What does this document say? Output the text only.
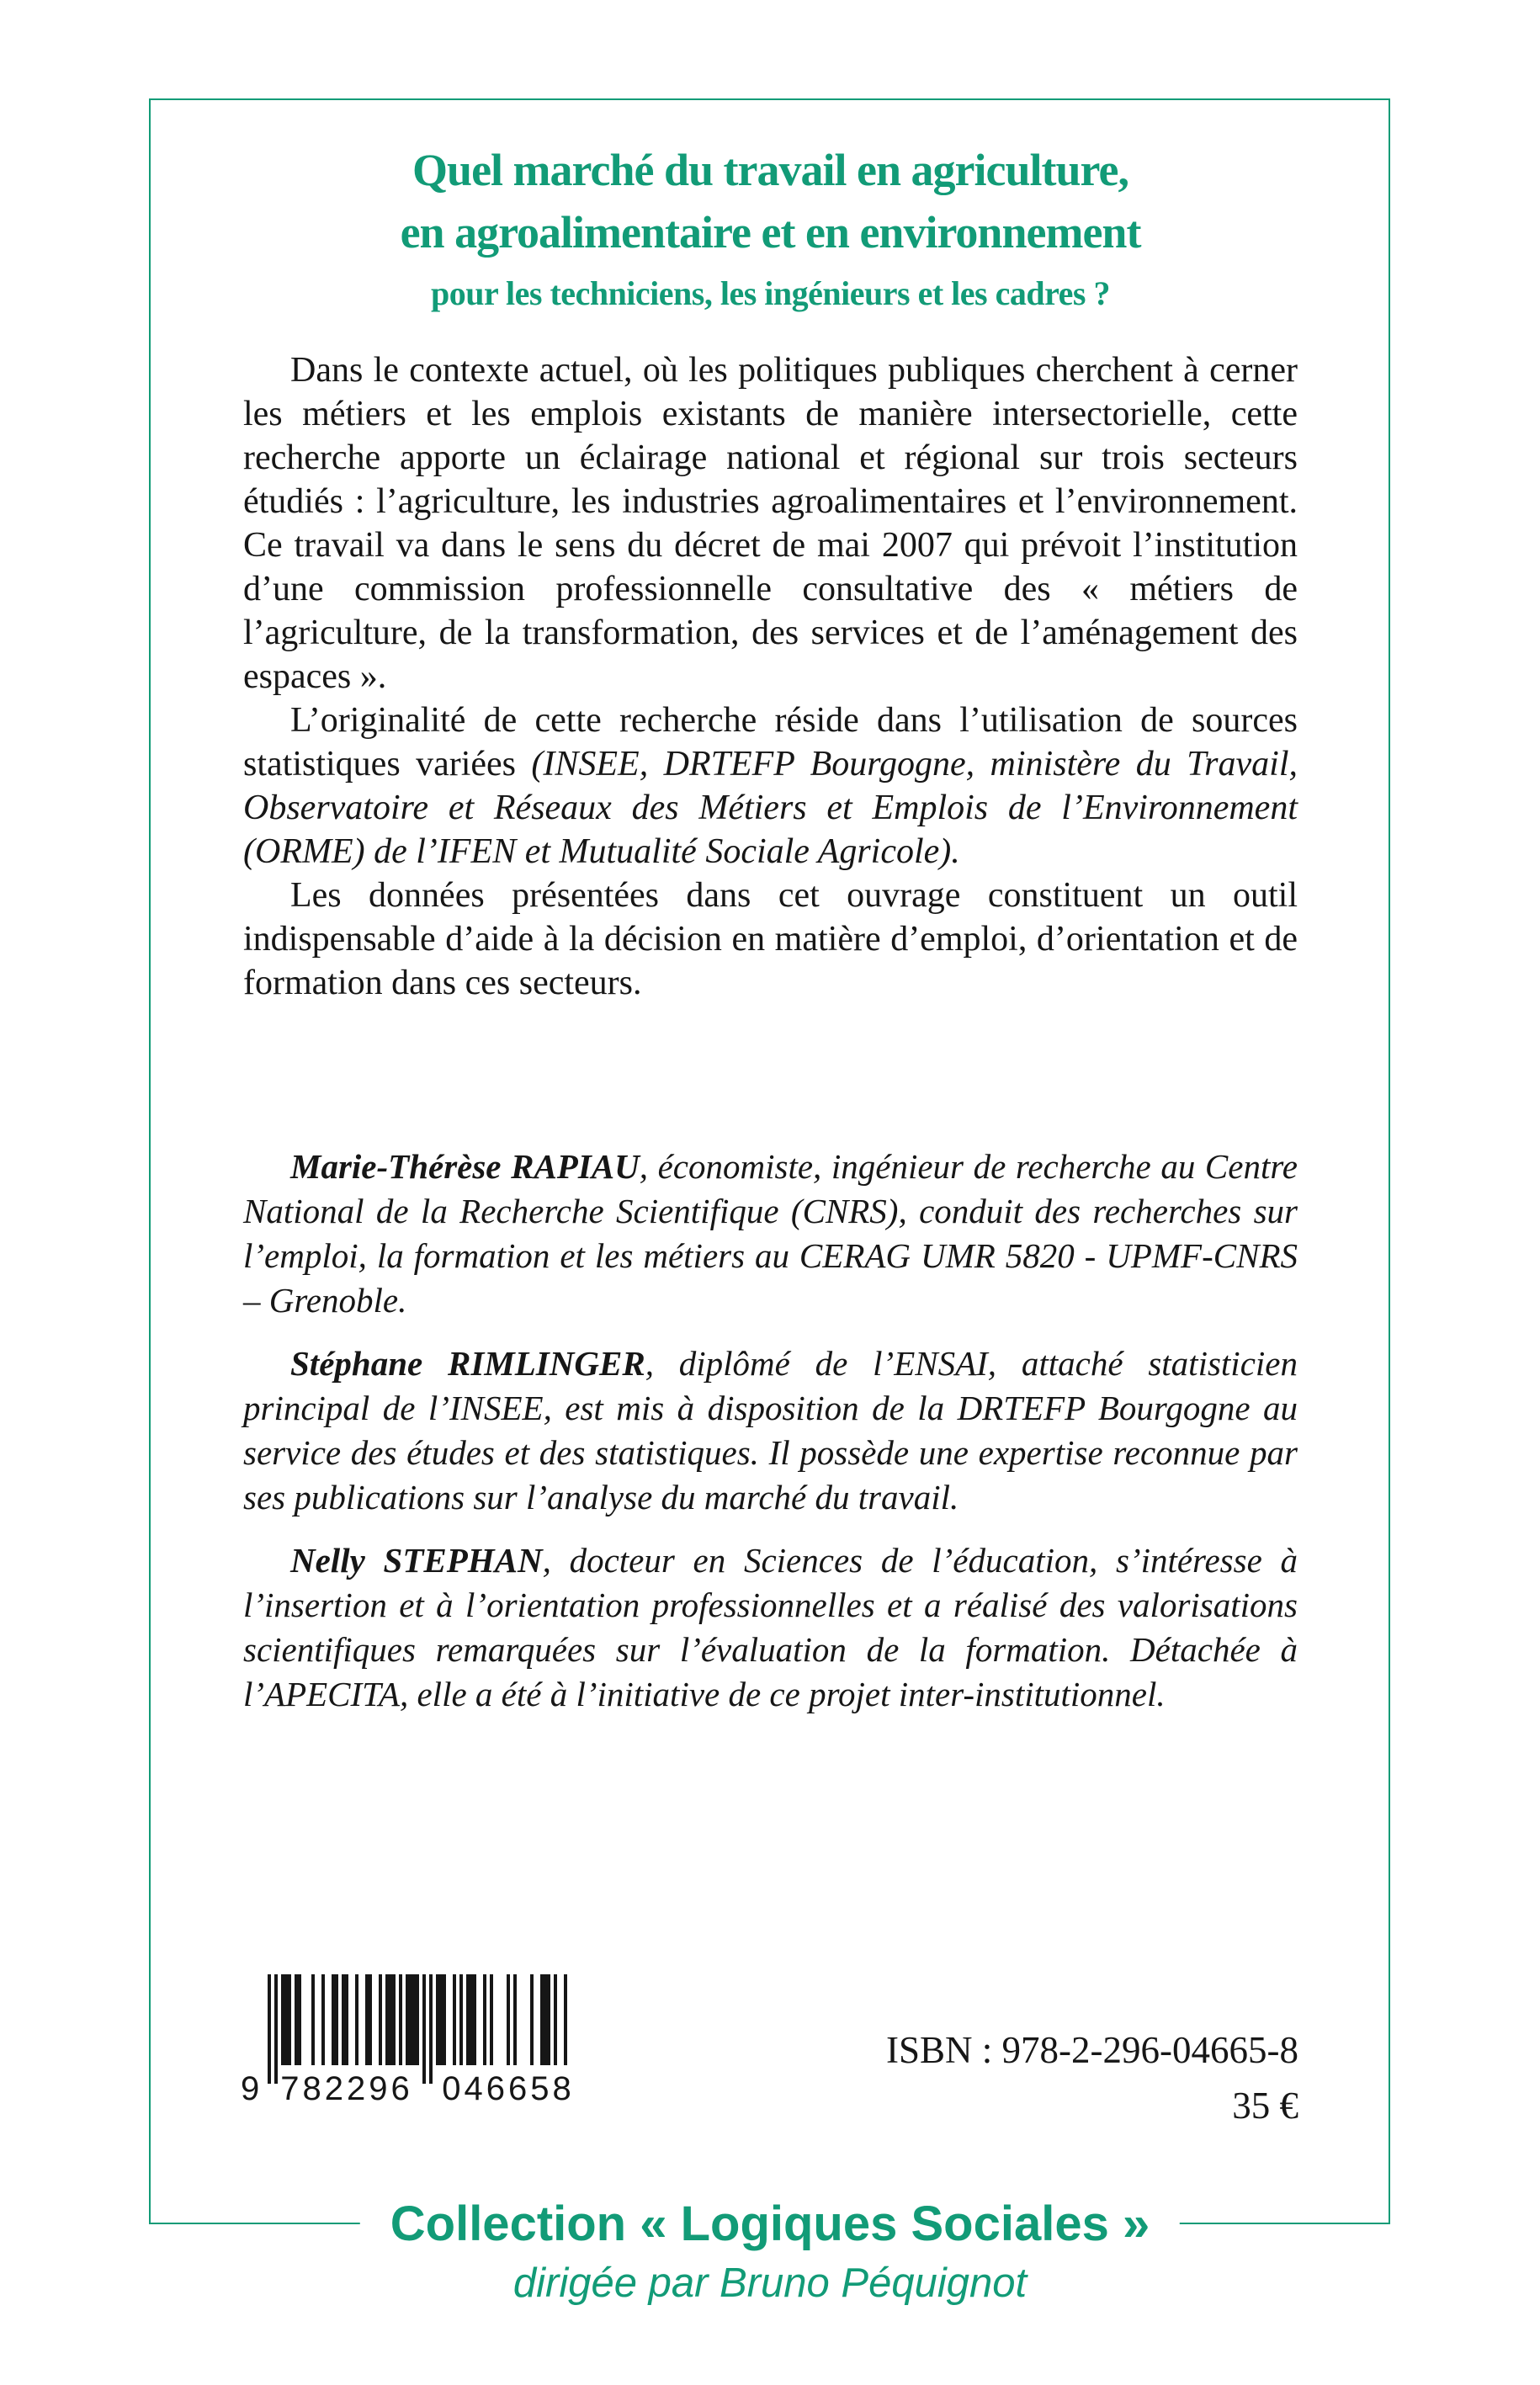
Quel marché du travail en agriculture,
en agroalimentaire et en environnement
pour les techniciens, les ingénieurs et les cadres ?

Dans le contexte actuel, où les politiques publiques cherchent à cerner les métiers et les emplois existants de manière intersectorielle, cette recherche apporte un éclairage national et régional sur trois secteurs étudiés : l’agriculture, les industries agroalimentaires et l’environnement. Ce travail va dans le sens du décret de mai 2007 qui prévoit l’institution d’une commission professionnelle consultative des « métiers de l’agriculture, de la transformation, des services et de l’aménagement des espaces ».

L’originalité de cette recherche réside dans l’utilisation de sources statistiques variées (INSEE, DRTEFP Bourgogne, ministère du Travail, Observatoire et Réseaux des Métiers et Emplois de l’Environnement (ORME) de l’IFEN et Mutualité Sociale Agricole).

Les données présentées dans cet ouvrage constituent un outil indispensable d’aide à la décision en matière d’emploi, d’orientation et de formation dans ces secteurs.

Marie-Thérèse RAPIAU, économiste, ingénieur de recherche au Centre National de la Recherche Scientifique (CNRS), conduit des recherches sur l’emploi, la formation et les métiers au CERAG UMR 5820 - UPMF-CNRS – Grenoble.

Stéphane RIMLINGER, diplômé de l’ENSAI, attaché statisticien principal de l’INSEE, est mis à disposition de la DRTEFP Bourgogne au service des études et des statistiques. Il possède une expertise reconnue par ses publications sur l’analyse du marché du travail.

Nelly STEPHAN, docteur en Sciences de l’éducation, s’intéresse à l’insertion et à l’orientation professionnelles et a réalisé des valorisations scientifiques remarquées sur l’évaluation de la formation. Détachée à l’APECITA, elle a été à l’initiative de ce projet inter-institutionnel.

9 782296 046658
ISBN : 978-2-296-04665-8
35 €
Collection « Logiques Sociales »
dirigée par Bruno Péquignot
